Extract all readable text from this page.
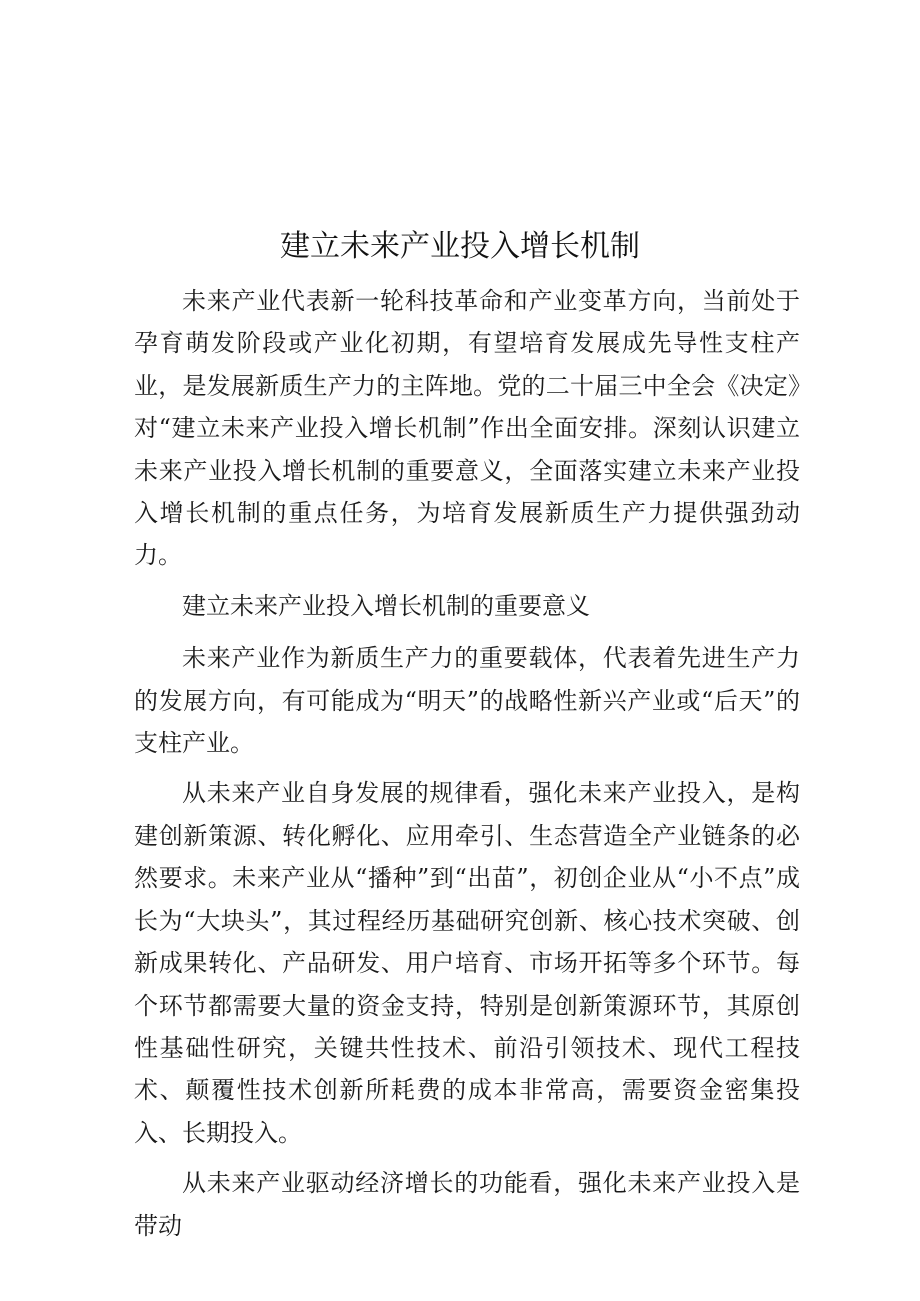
建立未来产业投入增长机制

未来产业代表新一轮科技革命和产业变革方向，当前处于孕育萌发阶段或产业化初期，有望培育发展成先导性支柱产业，是发展新质生产力的主阵地。党的二十届三中全会《决定》对“建立未来产业投入增长机制”作出全面安排。深刻认识建立未来产业投入增长机制的重要意义，全面落实建立未来产业投入增长机制的重点任务，为培育发展新质生产力提供强劲动力。

建立未来产业投入增长机制的重要意义

未来产业作为新质生产力的重要载体，代表着先进生产力的发展方向，有可能成为“明天”的战略性新兴产业或“后天”的支柱产业。

从未来产业自身发展的规律看，强化未来产业投入，是构建创新策源、转化孵化、应用牵引、生态营造全产业链条的必然要求。未来产业从“播种”到“出苗”，初创企业从“小不点”成长为“大块头”，其过程经历基础研究创新、核心技术突破、创新成果转化、产品研发、用户培育、市场开拓等多个环节。每个环节都需要大量的资金支持，特别是创新策源环节，其原创性基础性研究，关键共性技术、前沿引领技术、现代工程技术、颠覆性技术创新所耗费的成本非常高，需要资金密集投入、长期投入。

从未来产业驱动经济增长的功能看，强化未来产业投入是带动
